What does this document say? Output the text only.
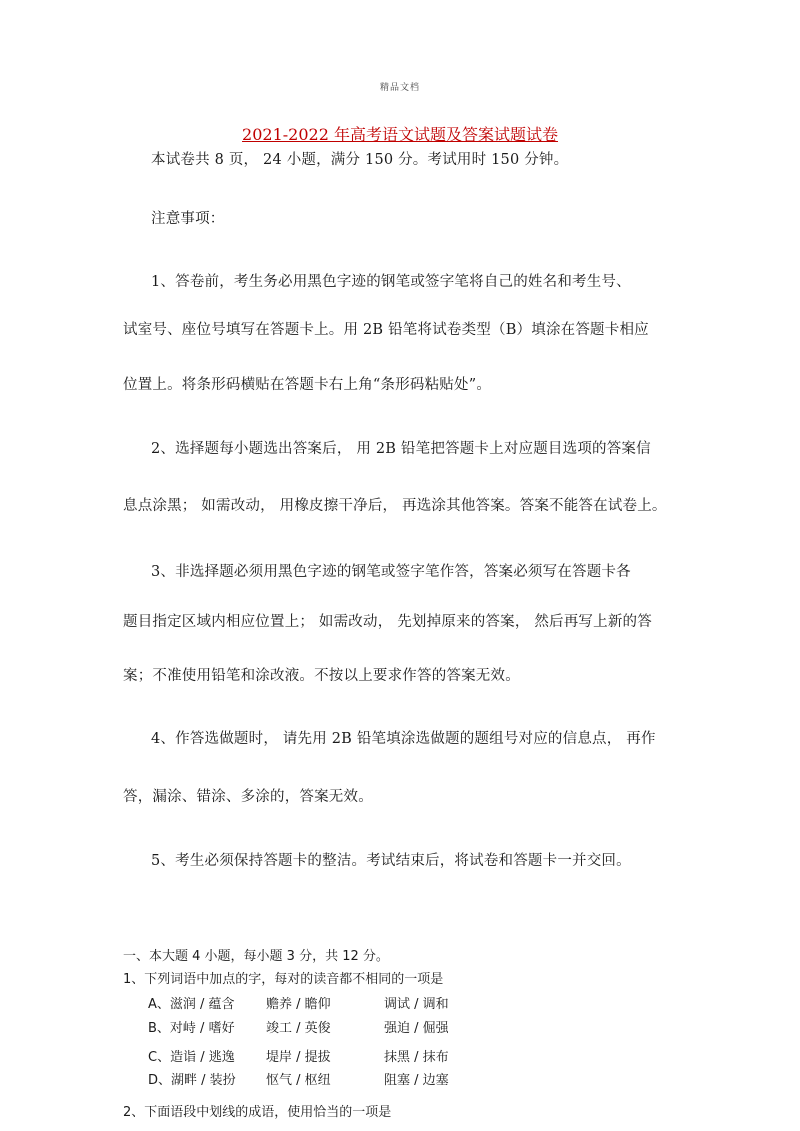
精品文档
2021-2022 年高考语文试题及答案试题试卷
本试卷共 8 页， 24 小题，满分 150 分。考试用时 150 分钟。
注意事项：
1、答卷前，考生务必用黑色字迹的钢笔或签字笔将自己的姓名和考生号、
试室号、座位号填写在答题卡上。用 2B 铅笔将试卷类型（B）填涂在答题卡相应
位置上。将条形码横贴在答题卡右上角“条形码粘贴处”。
2、选择题每小题选出答案后， 用 2B 铅笔把答题卡上对应题目选项的答案信
息点涂黑； 如需改动， 用橡皮擦干净后， 再选涂其他答案。答案不能答在试卷上。
3、非选择题必须用黑色字迹的钢笔或签字笔作答，答案必须写在答题卡各
题目指定区域内相应位置上； 如需改动， 先划掉原来的答案， 然后再写上新的答
案；不准使用铅笔和涂改液。不按以上要求作答的答案无效。
4、作答选做题时， 请先用 2B 铅笔填涂选做题的题组号对应的信息点， 再作
答，漏涂、错涂、多涂的，答案无效。
5、考生必须保持答题卡的整洁。考试结束后，将试卷和答题卡一并交回。
一、本大题 4 小题，每小题 3 分，共 12 分。
1、下列词语中加点的字，每对的读音都不相同的一项是
A、滋润 / 蕴含 赡养 / 瞻仰	调试 / 调和
B、对峙 / 嗜好 竣工 / 英俊	强迫 / 倔强
C、造诣 / 逃逸 堤岸 / 提拔	抹黑 / 抹布
D、湖畔 / 装扮 怄气 / 枢纽	阻塞 / 边塞
2、下面语段中划线的成语，使用恰当的一项是
